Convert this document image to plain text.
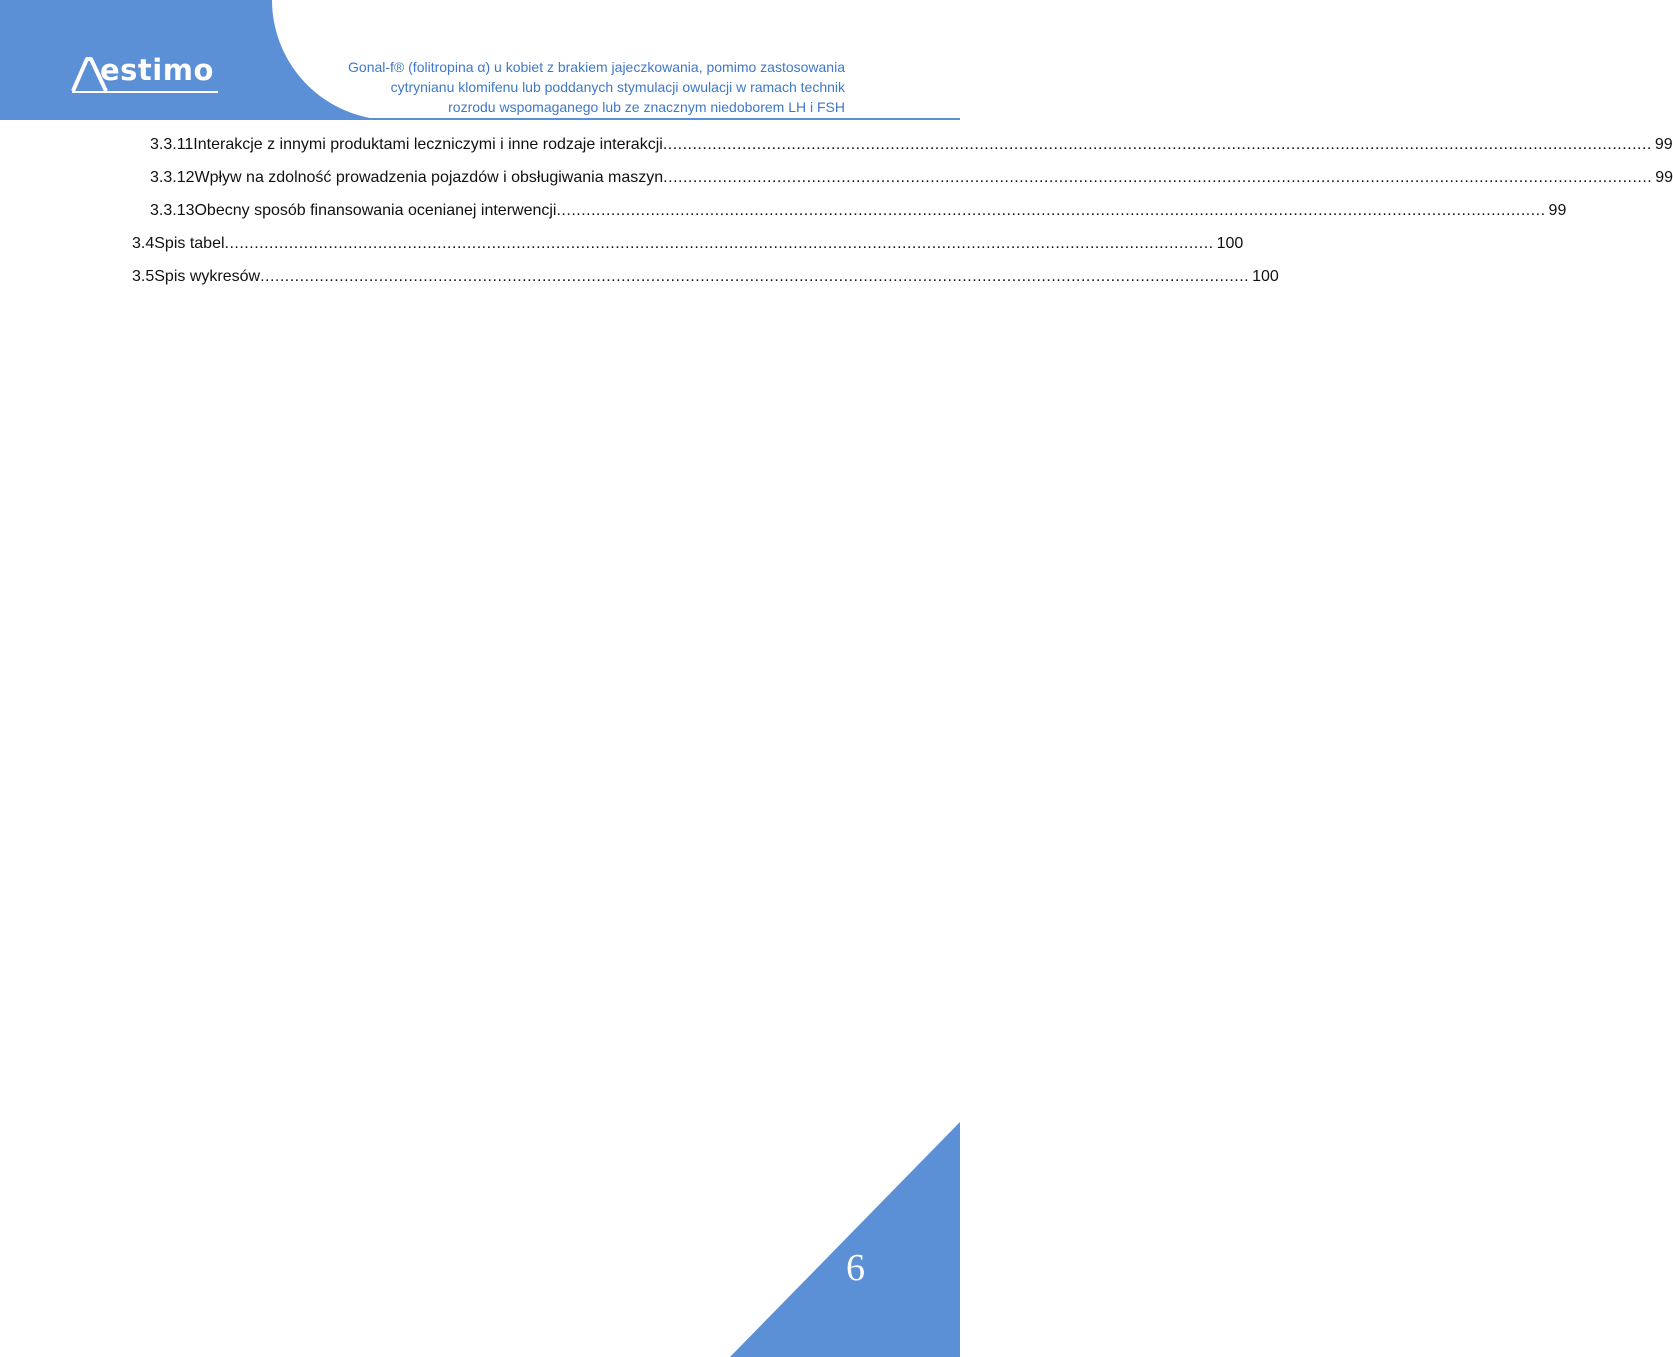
estimo	Gonal-f® (folitropina α) u kobiet z brakiem jajeczkowania, pomimo zastosowania
cytrynianu klomifenu lub poddanych stymulacji owulacji w ramach technik
rozrodu wspomaganego lub ze znacznym niedoborem LH i FSH
3.3.11 Interakcje z innymi produktami leczniczymi i inne rodzaje interakcji ........................................................................................................................................................................................................ 99
3.3.12 Wpływ na zdolność prowadzenia pojazdów i obsługiwania maszyn ........................................................................................................................................................................................................ 99
3.3.13 Obecny sposób finansowania ocenianej interwencji ........................................................................................................................................................................................................ 99
3.4 Spis tabel ........................................................................................................................................................................................................ 100
3.5 Spis wykresów ........................................................................................................................................................................................................ 100
6
